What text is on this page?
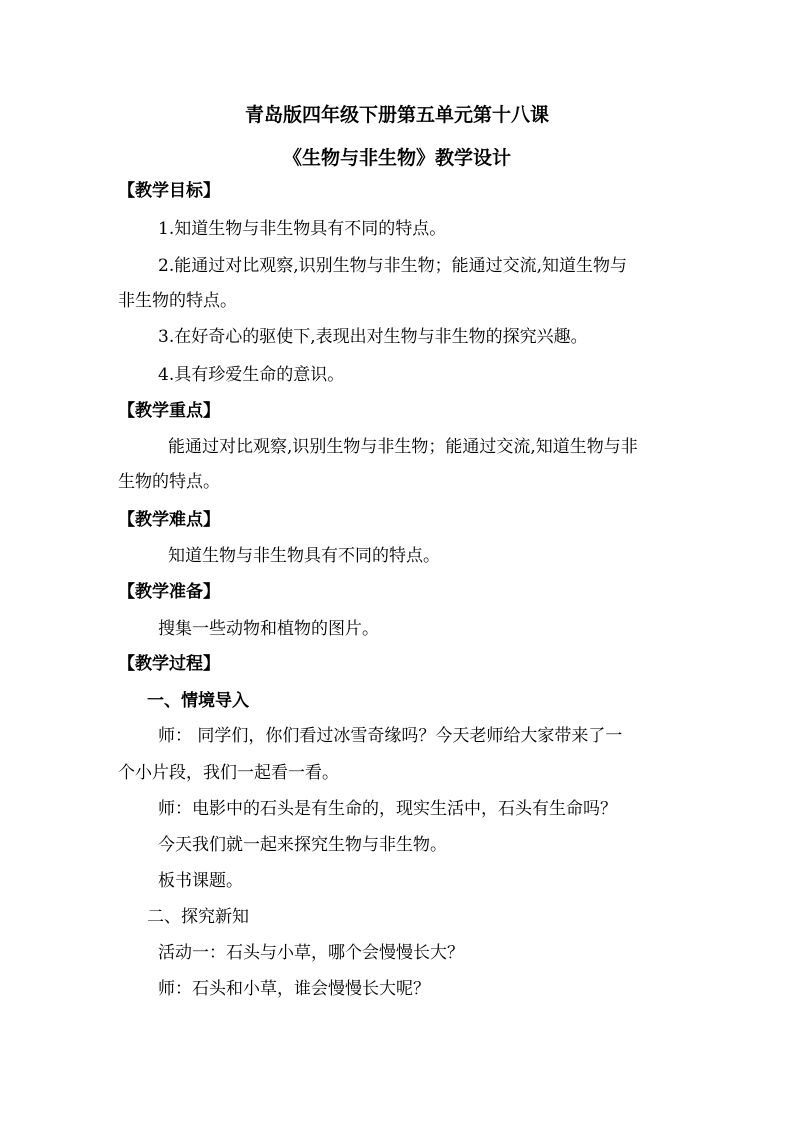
青岛版四年级下册第五单元第十八课
《生物与非生物》教学设计
【教学目标】
1.知道生物与非生物具有不同的特点。
2.能通过对比观察,识别生物与非生物；能通过交流,知道生物与
非生物的特点。
3.在好奇心的驱使下,表现出对生物与非生物的探究兴趣。
4.具有珍爱生命的意识。
【教学重点】
能通过对比观察,识别生物与非生物；能通过交流,知道生物与非
生物的特点。
【教学难点】
知道生物与非生物具有不同的特点。
【教学准备】
搜集一些动物和植物的图片。
【教学过程】
一、情境导入
师： 同学们，你们看过冰雪奇缘吗？今天老师给大家带来了一
个小片段，我们一起看一看。
师：电影中的石头是有生命的，现实生活中，石头有生命吗？
今天我们就一起来探究生物与非生物。
板书课题。
二、探究新知
活动一：石头与小草，哪个会慢慢长大？
师：石头和小草，谁会慢慢长大呢？
